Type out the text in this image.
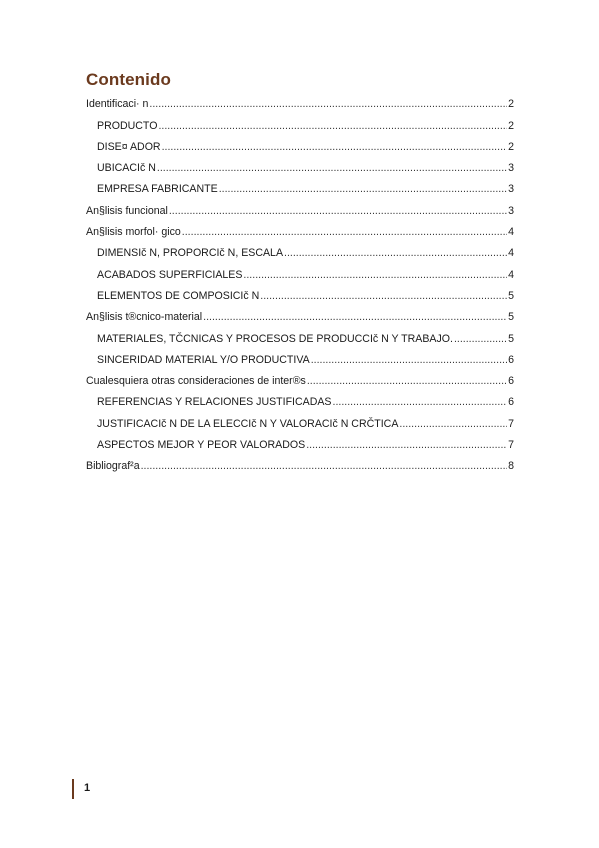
Contenido
Identificaci· n .....	2
PRODUCTO .....	2
DISE¤ ADOR .....	2
UBICACIč N .....	3
EMPRESA FABRICANTE .....	3
An§lisis funcional .....	3
An§lisis morfol· gico .....	4
DIMENSIč N, PROPORCIč N, ESCALA .....	4
ACABADOS SUPERFICIALES .....	4
ELEMENTOS DE COMPOSICIč N .....	5
An§lisis t®cnico-material .....	5
MATERIALES, TČCNICAS Y PROCESOS DE PRODUCCIč N Y TRABAJO. .....	5
SINCERIDAD MATERIAL Y/O PRODUCTIVA .....	6
Cualesquiera otras consideraciones de inter®s .....	6
REFERENCIAS Y RELACIONES JUSTIFICADAS .....	6
JUSTIFICACIč N DE LA ELECCIč N Y VALORACIč N CRČTICA .....	7
ASPECTOS MEJOR Y PEOR VALORADOS .....	7
Bibliograf²a .....	8
1
